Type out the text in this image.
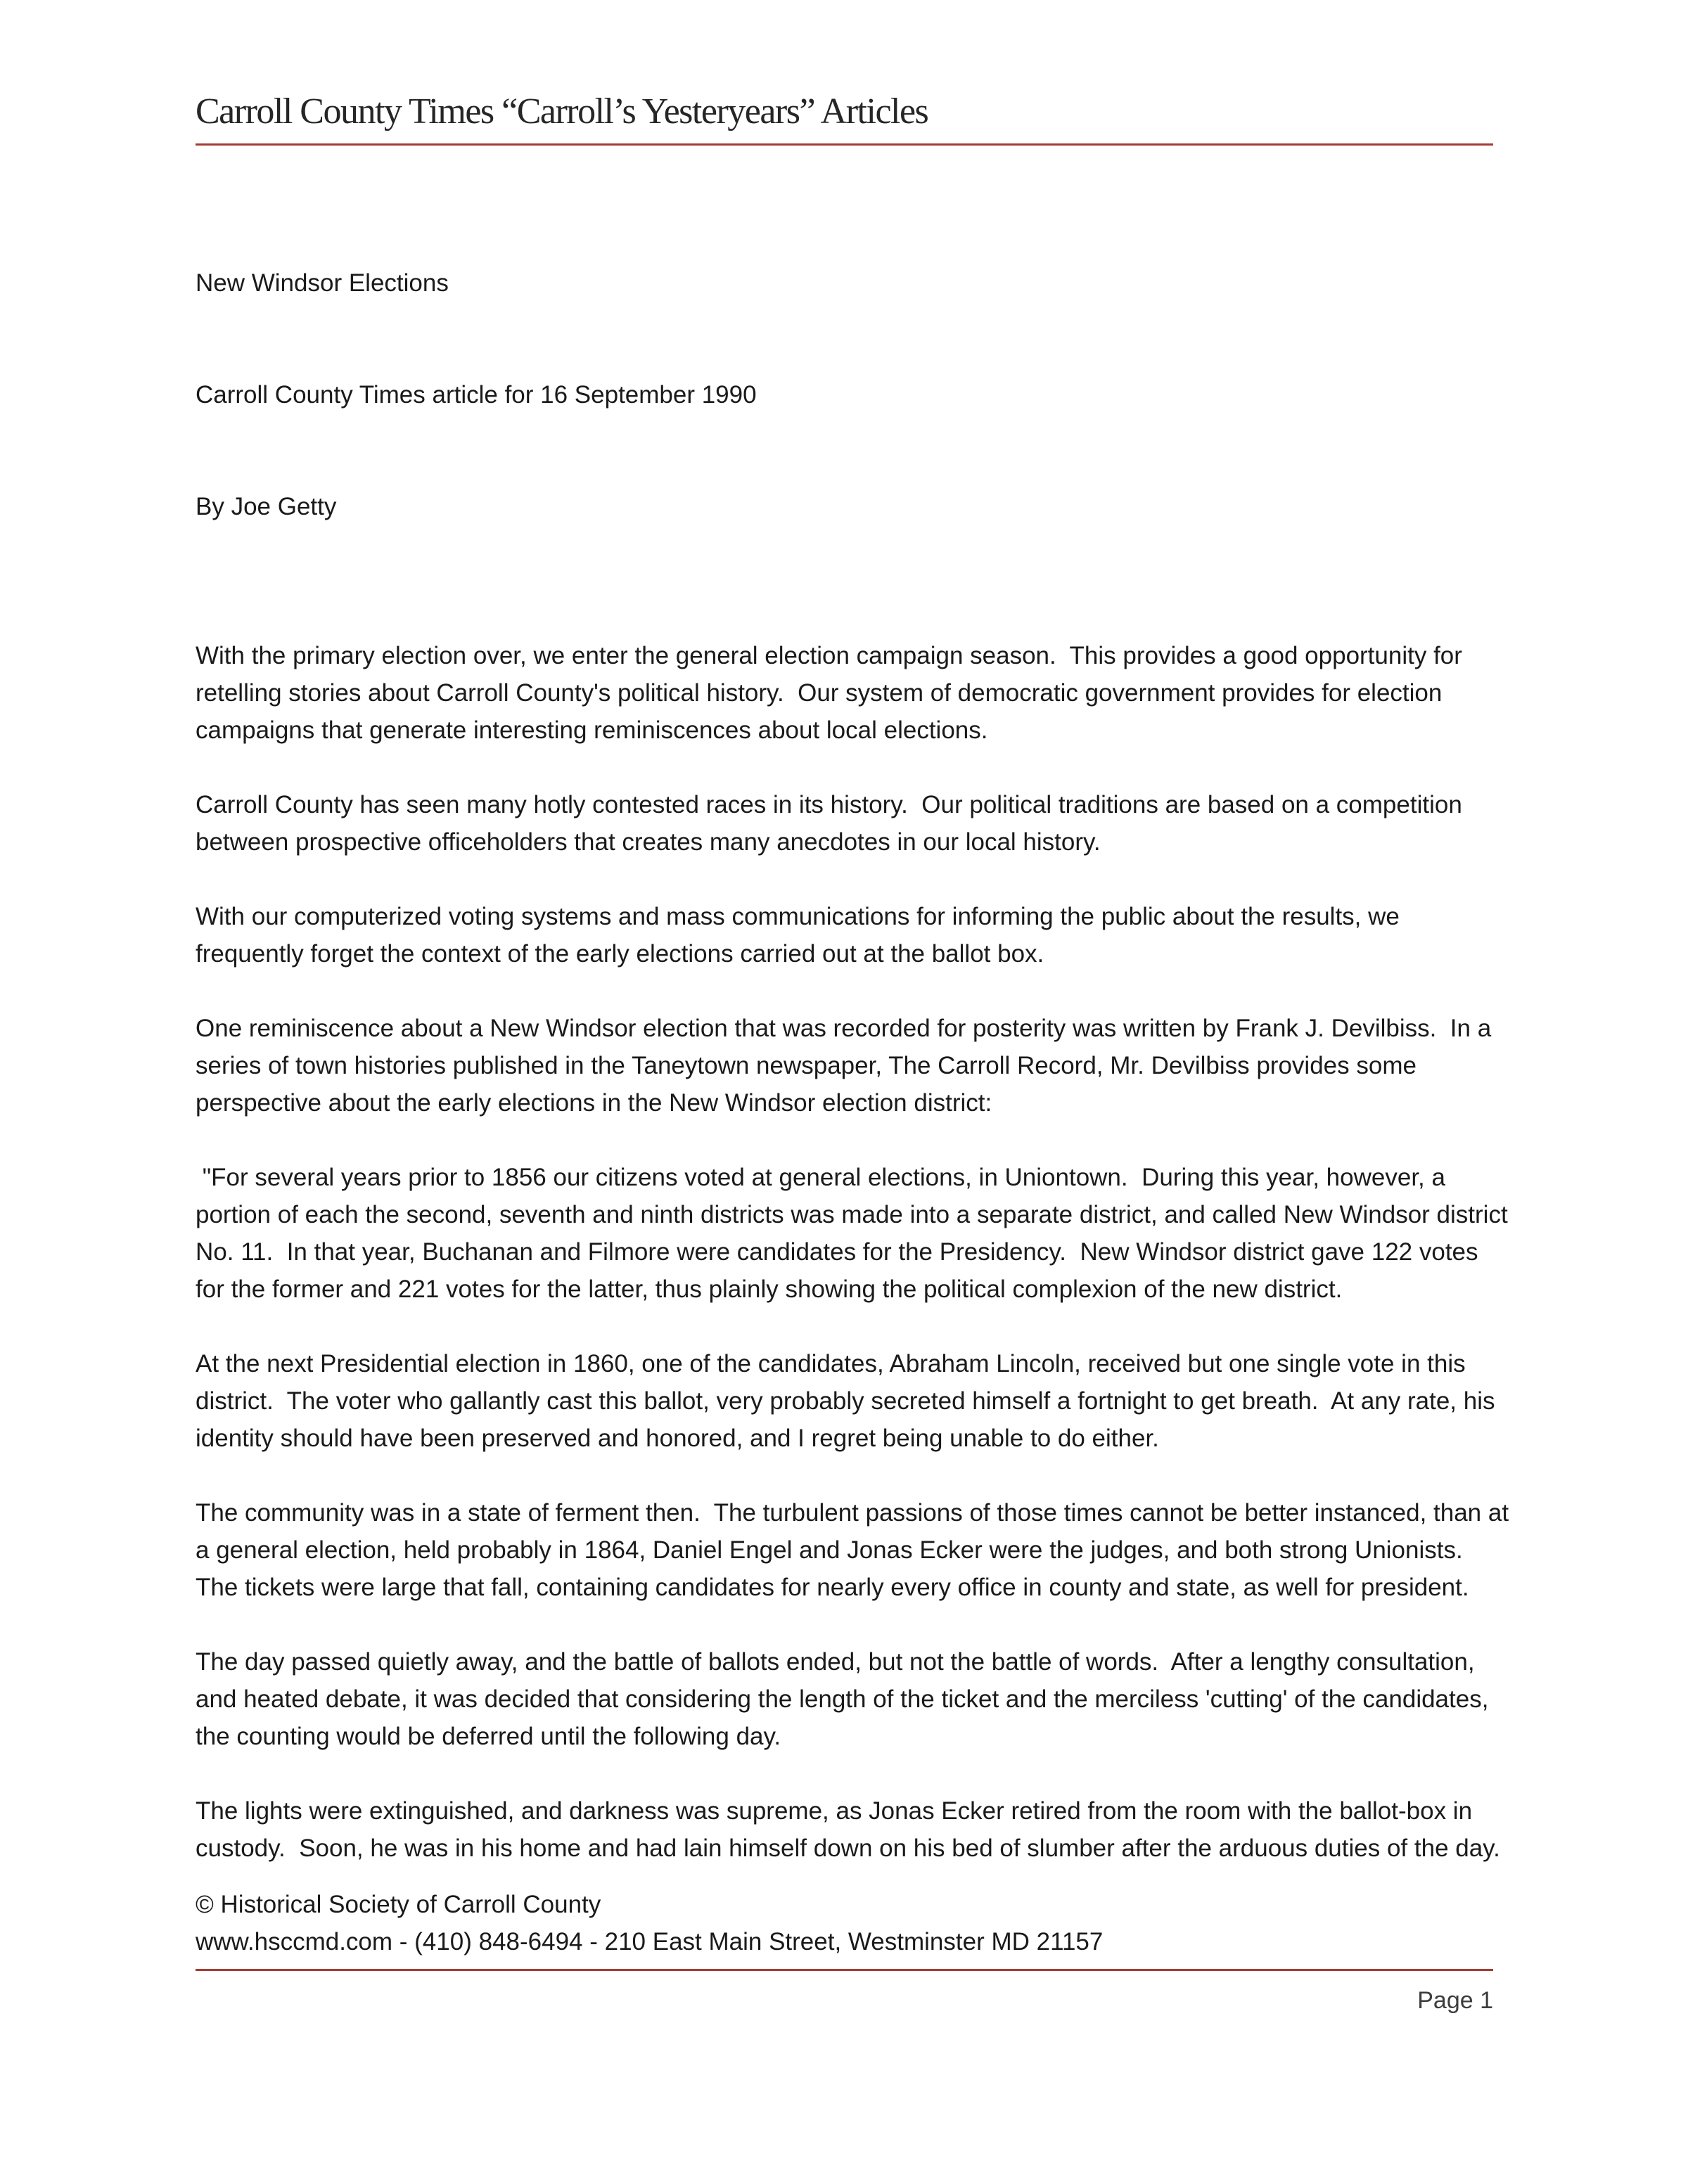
Carroll County Times “Carroll’s Yesteryears” Articles

New Windsor Elections

Carroll County Times article for 16 September 1990

By Joe Getty

With the primary election over, we enter the general election campaign season.  This provides a good opportunity for retelling stories about Carroll County's political history.  Our system of democratic government provides for election campaigns that generate interesting reminiscences about local elections.

Carroll County has seen many hotly contested races in its history.  Our political traditions are based on a competition between prospective officeholders that creates many anecdotes in our local history.

With our computerized voting systems and mass communications for informing the public about the results, we frequently forget the context of the early elections carried out at the ballot box.

One reminiscence about a New Windsor election that was recorded for posterity was written by Frank J. Devilbiss.  In a series of town histories published in the Taneytown newspaper, The Carroll Record, Mr. Devilbiss provides some perspective about the early elections in the New Windsor election district:

"For several years prior to 1856 our citizens voted at general elections, in Uniontown.  During this year, however, a portion of each the second, seventh and ninth districts was made into a separate district, and called New Windsor district No. 11.  In that year, Buchanan and Filmore were candidates for the Presidency.  New Windsor district gave 122 votes for the former and 221 votes for the latter, thus plainly showing the political complexion of the new district.

At the next Presidential election in 1860, one of the candidates, Abraham Lincoln, received but one single vote in this district.  The voter who gallantly cast this ballot, very probably secreted himself a fortnight to get breath.  At any rate, his identity should have been preserved and honored, and I regret being unable to do either.

The community was in a state of ferment then.  The turbulent passions of those times cannot be better instanced, than at a general election, held probably in 1864, Daniel Engel and Jonas Ecker were the judges, and both strong Unionists.  The tickets were large that fall, containing candidates for nearly every office in county and state, as well for president.

The day passed quietly away, and the battle of ballots ended, but not the battle of words.  After a lengthy consultation, and heated debate, it was decided that considering the length of the ticket and the merciless 'cutting' of the candidates, the counting would be deferred until the following day.

The lights were extinguished, and darkness was supreme, as Jonas Ecker retired from the room with the ballot-box in custody.  Soon, he was in his home and had lain himself down on his bed of slumber after the arduous duties of the day.

© Historical Society of Carroll County
www.hsccmd.com - (410) 848-6494 - 210 East Main Street, Westminster MD 21157
Page 1
